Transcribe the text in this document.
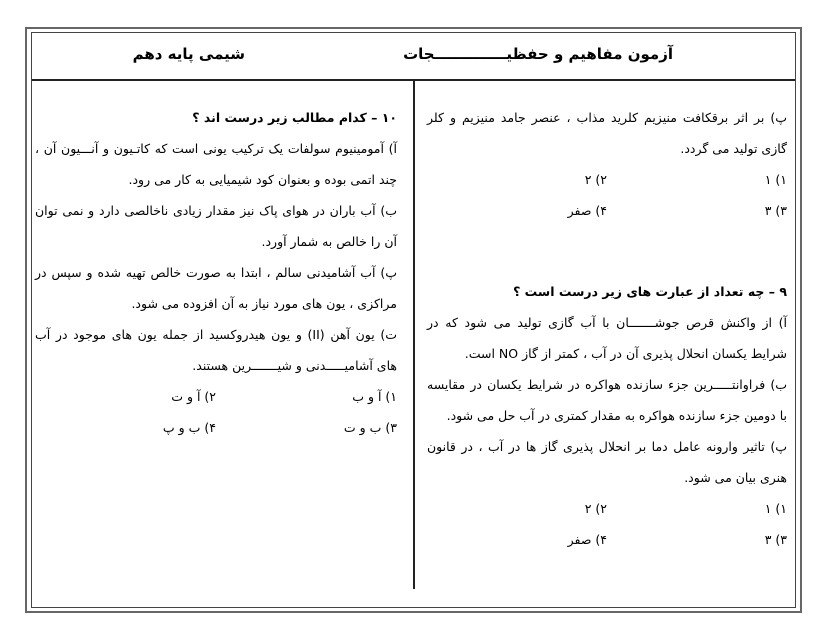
آزمون مفاهیم و حفظیــــــــــــــجات
شیمی پایه دهم

پ) بر اثر برقکافت منیزیم کلرید مذاب ، عنصر جامد منیزیم و کلر گازی تولید می گردد.

۱) ۱
۲) ۲
۳) ۳
۴) صفر

۹ – چه تعداد از عبارت های زیر درست است ؟

آ) از واکنش قرص جوشـــــــان با آب گازی تولید می شود که در شرایط یکسان انحلال پذیری آن در آب ، کمتر از گاز NO است.

ب) فراوانتـــــرین جزء سازنده هواکره در شرایط یکسان در مقایسه با دومین جزء سازنده هواکره به مقدار کمتری در آب حل می شود.

پ) تاثیر وارونه عامل دما بر انحلال پذیری گاز ها در آب ، در قانون هنری بیان می شود.

۱) ۱
۲) ۲
۳) ۳
۴) صفر

۱۰ – کدام مطالب زیر درست اند ؟

آ) آمومینیوم سولفات یک ترکیب یونی است که کاتـیون و آنـــیون آن ، چند اتمی بوده و بعنوان کود شیمیایی به کار می رود.

ب) آب باران در هوای پاک نیز مقدار زیادی ناخالصی دارد و نمی توان آن را خالص به شمار آورد.

پ) آب آشامیدنی سالم ، ابتدا به صورت خالص تهیه شده و سپس در مراکزی ، یون های مورد نیاز به آن افزوده می شود.

ت) یون آهن (II) و یون هیدروکسید از جمله یون های موجود در آب های آشامیـــــدنی و شیـــــــرین هستند.

۱) آ و ب
۲) آ و ت
۳) ب و ت
۴) ب و پ
